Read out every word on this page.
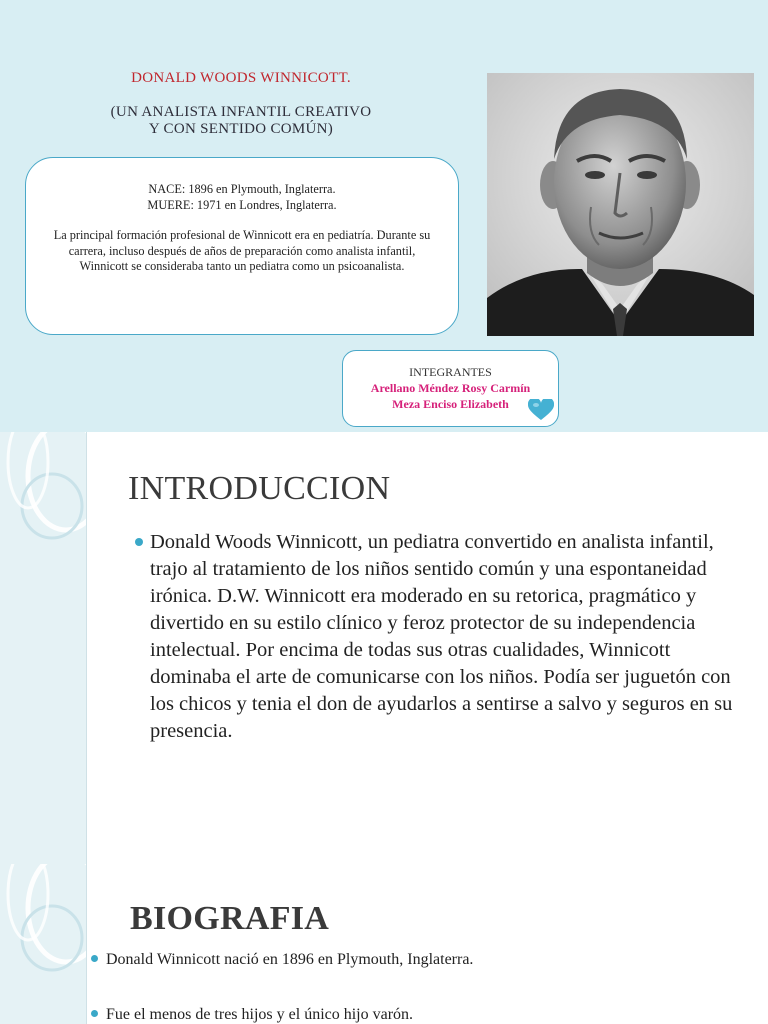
DONALD WOODS WINNICOTT.
(UN ANALISTA INFANTIL CREATIVO
Y CON SENTIDO COMÚN)
NACE: 1896 en Plymouth, Inglaterra.
MUERE: 1971 en Londres, Inglaterra.
La principal formación profesional de Winnicott era en pediatría. Durante su carrera, incluso después de años de preparación como analista infantil, Winnicott se consideraba tanto un pediatra como un psicoanalista.
INTEGRANTES
Arellano Méndez Rosy Carmín
Meza Enciso Elizabeth
INTRODUCCION
Donald Woods Winnicott, un pediatra convertido en analista infantil, trajo al tratamiento de los niños sentido común y una espontaneidad irónica. D.W. Winnicott era moderado en su retorica, pragmático y divertido en su estilo clínico y feroz protector de su independencia intelectual. Por encima de todas sus otras cualidades, Winnicott dominaba el arte de comunicarse con los niños. Podía ser juguetón con los chicos y tenia el don de ayudarlos a sentirse a salvo y seguros en su presencia.
BIOGRAFIA
Donald Winnicott nació en 1896 en Plymouth, Inglaterra.
Fue el menos de tres hijos y el único hijo varón.
